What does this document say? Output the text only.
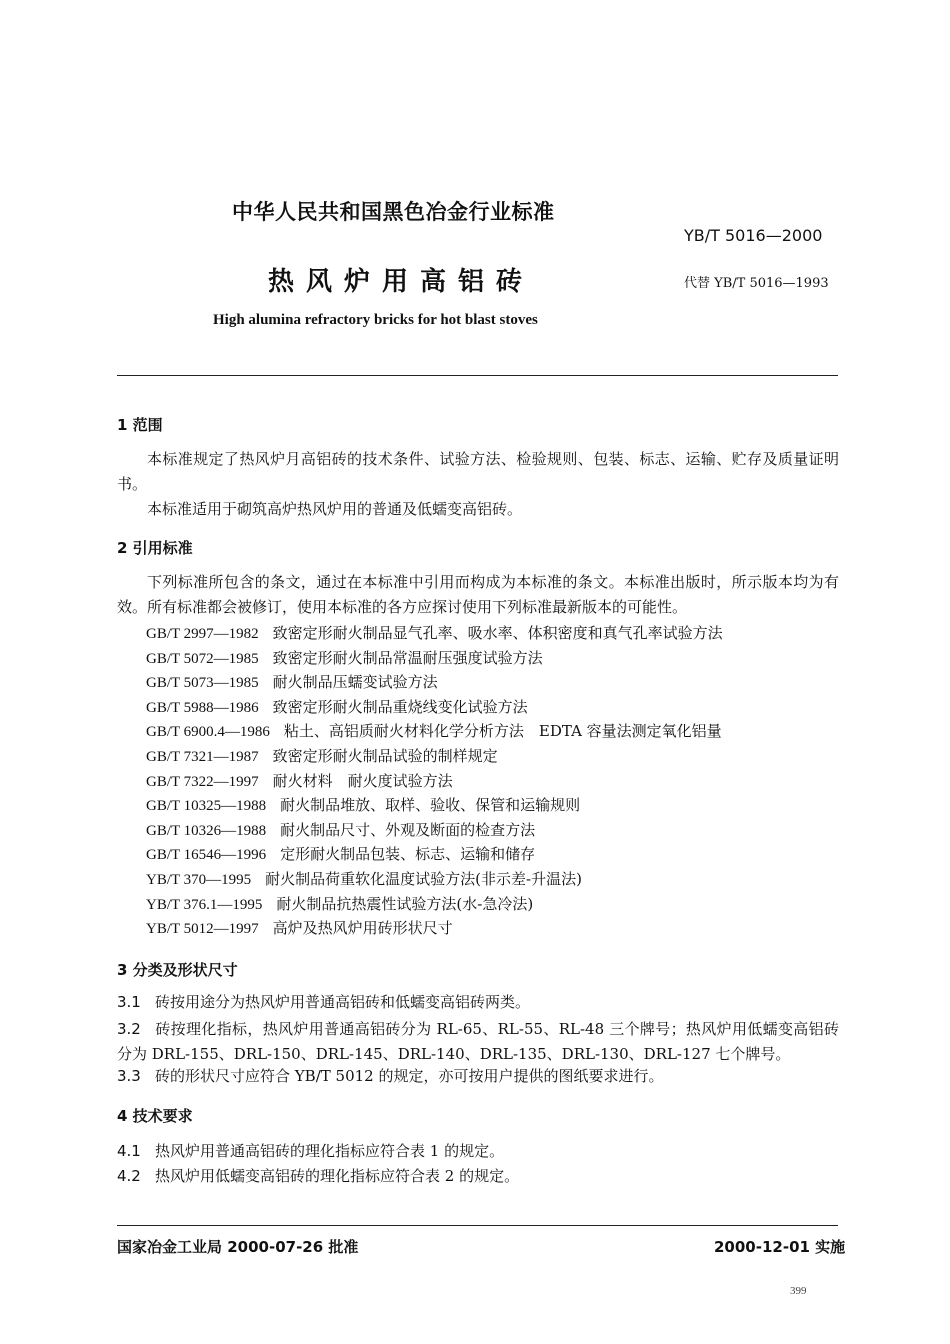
中华人民共和国黑色冶金行业标准
YB/T 5016—2000
热风炉用高铝砖	代替 YB/T 5016—1993
High alumina refractory bricks for hot blast stoves
1 范围
本标准规定了热风炉月高铝砖的技术条件、试验方法、检验规则、包装、标志、运输、贮存及质量证明书。
本标准适用于砌筑高炉热风炉用的普通及低蠕变高铝砖。
2 引用标准
下列标准所包含的条文，通过在本标准中引用而构成为本标准的条文。本标准出版时，所示版本均为有效。所有标准都会被修订，使用本标准的各方应探讨使用下列标准最新版本的可能性。
GB/T 2997—1982 致密定形耐火制品显气孔率、吸水率、体积密度和真气孔率试验方法
GB/T 5072—1985 致密定形耐火制品常温耐压强度试验方法
GB/T 5073—1985 耐火制品压蠕变试验方法
GB/T 5988—1986 致密定形耐火制品重烧线变化试验方法
GB/T 6900.4—1986 粘土、高铝质耐火材料化学分析方法　EDTA 容量法测定氧化铝量
GB/T 7321—1987 致密定形耐火制品试验的制样规定
GB/T 7322—1997 耐火材料　耐火度试验方法
GB/T 10325—1988 耐火制品堆放、取样、验收、保管和运输规则
GB/T 10326—1988 耐火制品尺寸、外观及断面的检查方法
GB/T 16546—1996 定形耐火制品包装、标志、运输和储存
YB/T 370—1995 耐火制品荷重软化温度试验方法(非示差-升温法)
YB/T 376.1—1995 耐火制品抗热震性试验方法(水-急冷法)
YB/T 5012—1997 高炉及热风炉用砖形状尺寸
3 分类及形状尺寸
3.1 砖按用途分为热风炉用普通高铝砖和低蠕变高铝砖两类。
3.2 砖按理化指标，热风炉用普通高铝砖分为 RL-65、RL-55、RL-48 三个牌号；热风炉用低蠕变高铝砖分为 DRL-155、DRL-150、DRL-145、DRL-140、DRL-135、DRL-130、DRL-127 七个牌号。
3.3 砖的形状尺寸应符合 YB/T 5012 的规定，亦可按用户提供的图纸要求进行。
4 技术要求
4.1 热风炉用普通高铝砖的理化指标应符合表 1 的规定。
4.2 热风炉用低蠕变高铝砖的理化指标应符合表 2 的规定。
国家冶金工业局 2000-07-26 批准	2000-12-01 实施
399
